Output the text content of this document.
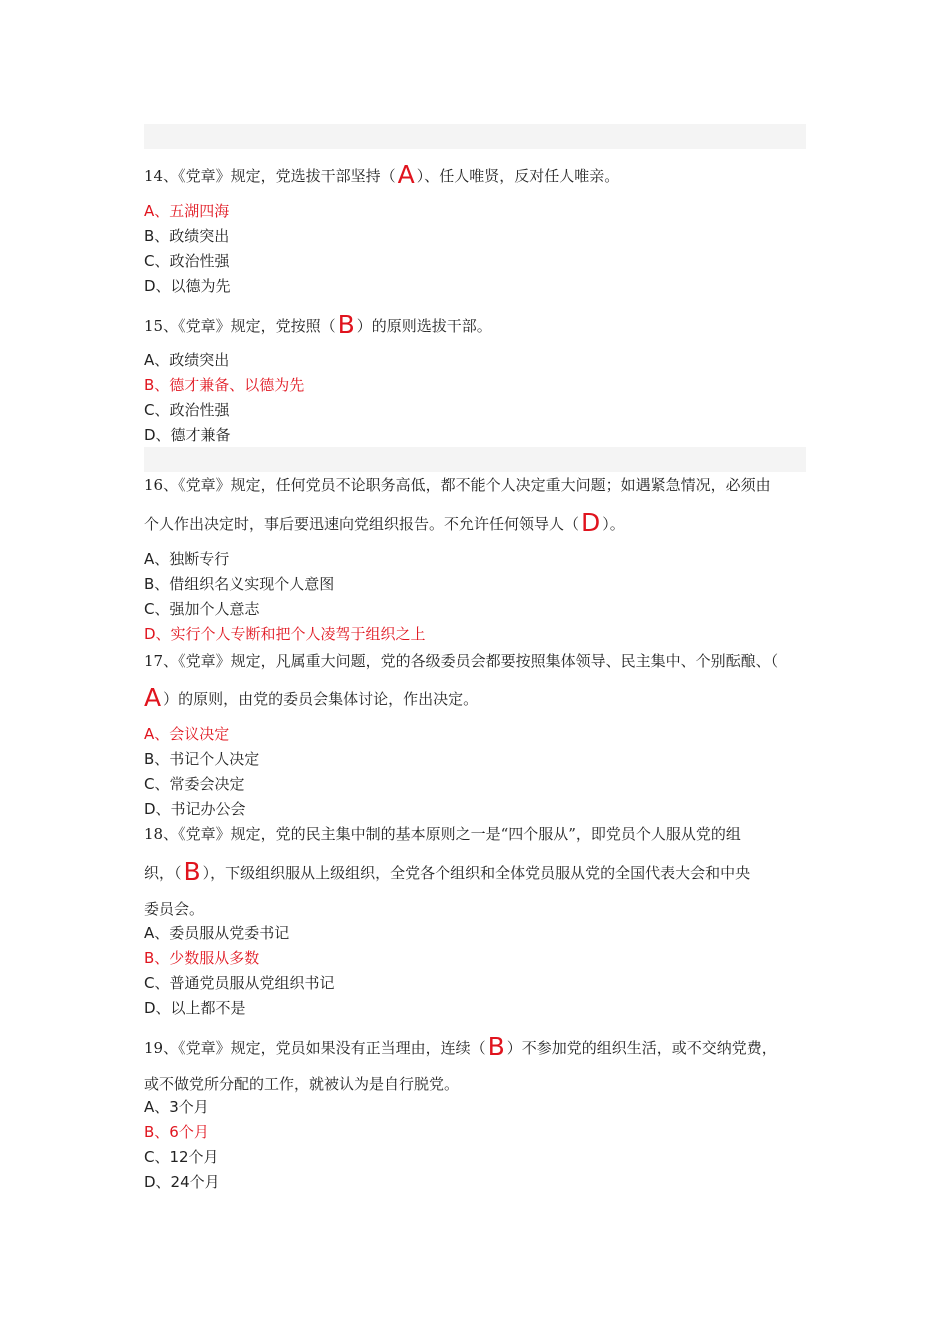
14、《党章》规定，党选拔干部坚持（A ）、任人唯贤，反对任人唯亲。
A、五湖四海
B、政绩突出
C、政治性强
D、以德为先
15、《党章》规定，党按照（B ）的原则选拔干部。
A、政绩突出
B、德才兼备、以德为先
C、政治性强
D、德才兼备
16、《党章》规定，任何党员不论职务高低，都不能个人决定重大问题；如遇紧急情况，必须由
个人作出决定时，事后要迅速向党组织报告。不允许任何领导人（D ）。
A、独断专行
B、借组织名义实现个人意图
C、强加个人意志
D、实行个人专断和把个人凌驾于组织之上
17、《党章》规定，凡属重大问题，党的各级委员会都要按照集体领导、民主集中、个别酝酿、（
A ）的原则，由党的委员会集体讨论，作出决定。
A、会议决定
B、书记个人决定
C、常委会决定
D、书记办公会
18、《党章》规定，党的民主集中制的基本原则之一是“四个服从”，即党员个人服从党的组
织，（B ），下级组织服从上级组织，全党各个组织和全体党员服从党的全国代表大会和中央
委员会。
A、委员服从党委书记
B、少数服从多数
C、普通党员服从党组织书记
D、以上都不是
19、《党章》规定，党员如果没有正当理由，连续（B ）不参加党的组织生活，或不交纳党费，
或不做党所分配的工作，就被认为是自行脱党。
A、3个月
B、6个月
C、12个月
D、24个月
